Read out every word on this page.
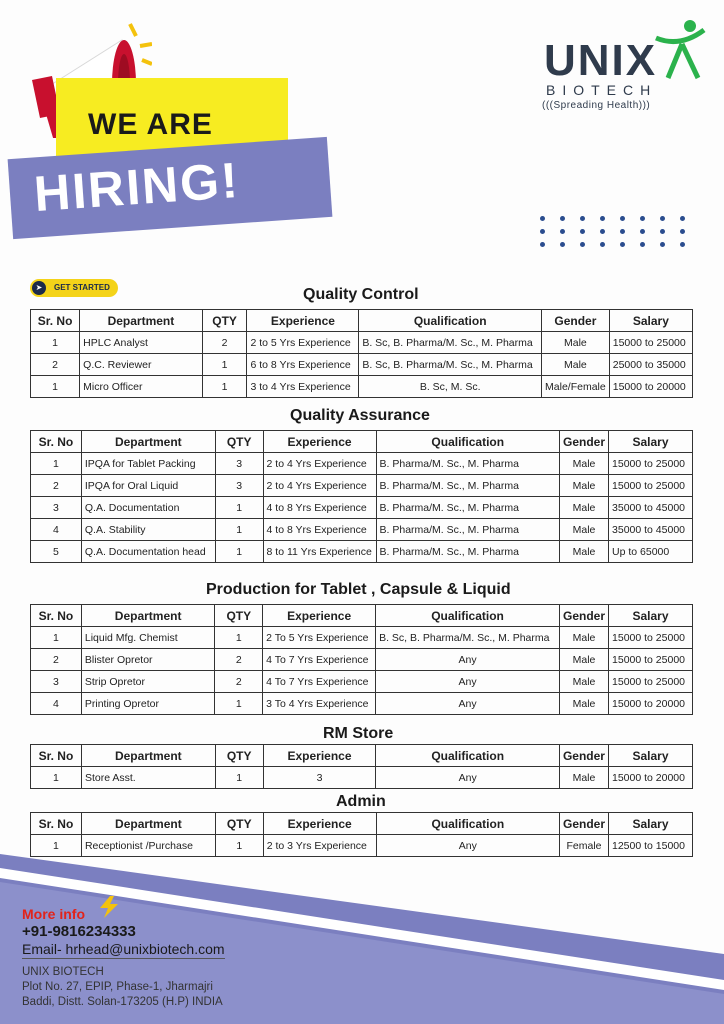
WE ARE
HIRING!
UNIX
BIOTECH
(((Spreading Health)))
➤	GET STARTED	Quality Control
Sr. No	Department	QTY	Experience	Qualification	Gender	Salary
1	HPLC Analyst	2	2 to 5 Yrs Experience	B. Sc, B. Pharma/M. Sc., M. Pharma	Male	15000 to 25000
2	Q.C. Reviewer	1	6 to 8 Yrs Experience	B. Sc, B. Pharma/M. Sc., M. Pharma	Male	25000 to 35000
1	Micro Officer	1	3 to 4 Yrs Experience	B. Sc, M. Sc.	Male/Female	15000 to 20000
Quality Assurance
Sr. No	Department	QTY	Experience	Qualification	Gender	Salary
1	IPQA for Tablet Packing	3	2 to 4 Yrs Experience	B. Pharma/M. Sc., M. Pharma	Male	15000 to 25000
2	IPQA for Oral Liquid	3	2 to 4 Yrs Experience	B. Pharma/M. Sc., M. Pharma	Male	15000 to 25000
3	Q.A. Documentation	1	4 to 8 Yrs Experience	B. Pharma/M. Sc., M. Pharma	Male	35000 to 45000
4	Q.A. Stability	1	4 to 8 Yrs Experience	B. Pharma/M. Sc., M. Pharma	Male	35000 to 45000
5	Q.A. Documentation head	1	8 to 11 Yrs Experience	B. Pharma/M. Sc., M. Pharma	Male	Up to 65000
Production for Tablet , Capsule & Liquid
Sr. No	Department	QTY	Experience	Qualification	Gender	Salary
1	Liquid Mfg. Chemist	1	2 To 5 Yrs Experience	B. Sc, B. Pharma/M. Sc., M. Pharma	Male	15000 to 25000
2	Blister Opretor	2	4 To 7 Yrs Experience	Any	Male	15000 to 25000
3	Strip Opretor	2	4 To 7 Yrs Experience	Any	Male	15000 to 25000
4	Printing Opretor	1	3 To 4 Yrs Experience	Any	Male	15000 to 20000
RM Store
Sr. No	Department	QTY	Experience	Qualification	Gender	Salary
1	Store Asst.	1	3	Any	Male	15000 to 20000
Admin
Sr. No	Department	QTY	Experience	Qualification	Gender	Salary
1	Receptionist /Purchase	1	2 to 3 Yrs Experience	Any	Female	12500 to 15000
More info
+91-9816234333
Email- hrhead@unixbiotech.com
UNIX BIOTECH
Plot No. 27, EPIP, Phase-1, Jharmajri
Baddi, Distt. Solan-173205 (H.P) INDIA
